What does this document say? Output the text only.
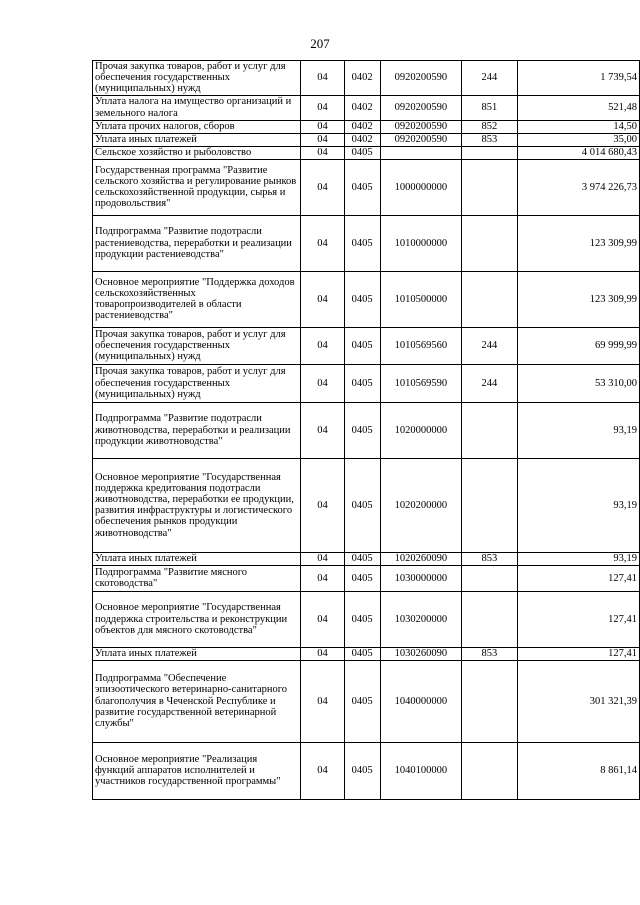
207
Прочая закупка товаров, работ и услуг для обеспечения государственных (муниципальных) нужд	04	0402	0920200590	244	1 739,54
Уплата налога на имущество организаций и земельного налога	04	0402	0920200590	851	521,48
Уплата прочих налогов, сборов	04	0402	0920200590	852	14,50
Уплата иных платежей	04	0402	0920200590	853	35,00
Сельское хозяйство и рыболовство	04	0405			4 014 680,43
Государственная программа "Развитие сельского хозяйства и регулирование рынков сельскохозяйственной продукции, сырья и продовольствия"	04	0405	1000000000		3 974 226,73
Подпрограмма "Развитие подотрасли растениеводства, переработки и реализации продукции растениеводства"	04	0405	1010000000		123 309,99
Основное мероприятие "Поддержка доходов сельскохозяйственных товаропроизводителей в области растениеводства"	04	0405	1010500000		123 309,99
Прочая закупка товаров, работ и услуг для обеспечения государственных (муниципальных) нужд	04	0405	1010569560	244	69 999,99
Прочая закупка товаров, работ и услуг для обеспечения государственных (муниципальных) нужд	04	0405	1010569590	244	53 310,00
Подпрограмма "Развитие подотрасли животноводства, переработки и реализации продукции животноводства"	04	0405	1020000000		93,19
Основное мероприятие "Государственная поддержка кредитования подотрасли животноводства, переработки ее продукции, развития инфраструктуры и логистического обеспечения рынков продукции животноводства"	04	0405	1020200000		93,19
Уплата иных платежей	04	0405	1020260090	853	93,19
Подпрограмма "Развитие мясного скотоводства"	04	0405	1030000000		127,41
Основное мероприятие "Государственная поддержка строительства и реконструкции объектов для мясного скотоводства"	04	0405	1030200000		127,41
Уплата иных платежей	04	0405	1030260090	853	127,41
Подпрограмма "Обеспечение эпизоотического ветеринарно-санитарного благополучия в Чеченской Республике и развитие государственной ветеринарной службы"	04	0405	1040000000		301 321,39
Основное мероприятие "Реализация функций аппаратов исполнителей и участников государственной программы"	04	0405	1040100000		8 861,14
